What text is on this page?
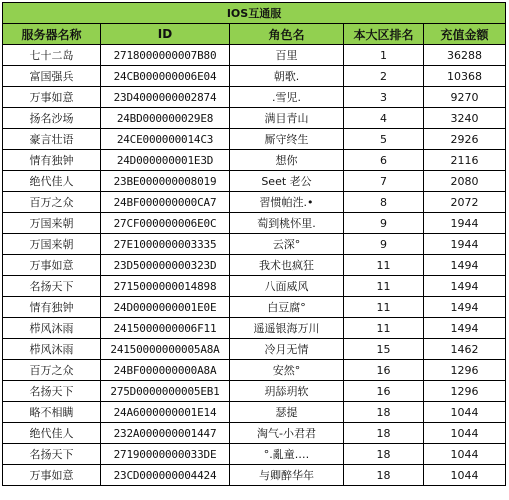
IOS互通服				
服务器名称	ID	角色名	本大区排名	充值金额
七十二岛	2718000000007B80	百里	1	36288
富国强兵	24CB000000006E04	朝歌.	2	10368
万事如意	23D4000000002874	.雪児.	3	9270
扬名沙场	24BD000000029E8	满目青山	4	3240
豪言壮语	24CE000000014C3	厮守终生	5	2926
情有独钟	24D000000001E3D	想你	6	2116
绝代佳人	23BE000000008019	Seet 老公	7	2080
百万之众	24BF000000000CA7	習惯帕泩.•	8	2072
万国来朝	27CF000000006E0C	萄到桃怀里.	9	1944
万国来朝	27E1000000003335	云深°	9	1944
万事如意	23D500000000323D	我术也疯狂	11	1494
名扬天下	2715000000014898	八面威风	11	1494
情有独钟	24D0000000001E0E	白豆腐°	11	1494
栉风沐雨	2415000000006F11	遥遥银海万川	11	1494
栉风沐雨	24150000000005A8A	冷月无情	15	1462
百万之众	24BF000000000A8A	安然°	16	1296
名扬天下	275D0000000005EB1	玥舔玥软	16	1296
略不相瞒	24A6000000001E14	瑟提	18	1044
绝代佳人	232A000000001447	淘气-小君君	18	1044
名扬天下	27190000000033DE	°.亂童.…	18	1044
万事如意	23CD000000004424	与卿醉华年	18	1044
